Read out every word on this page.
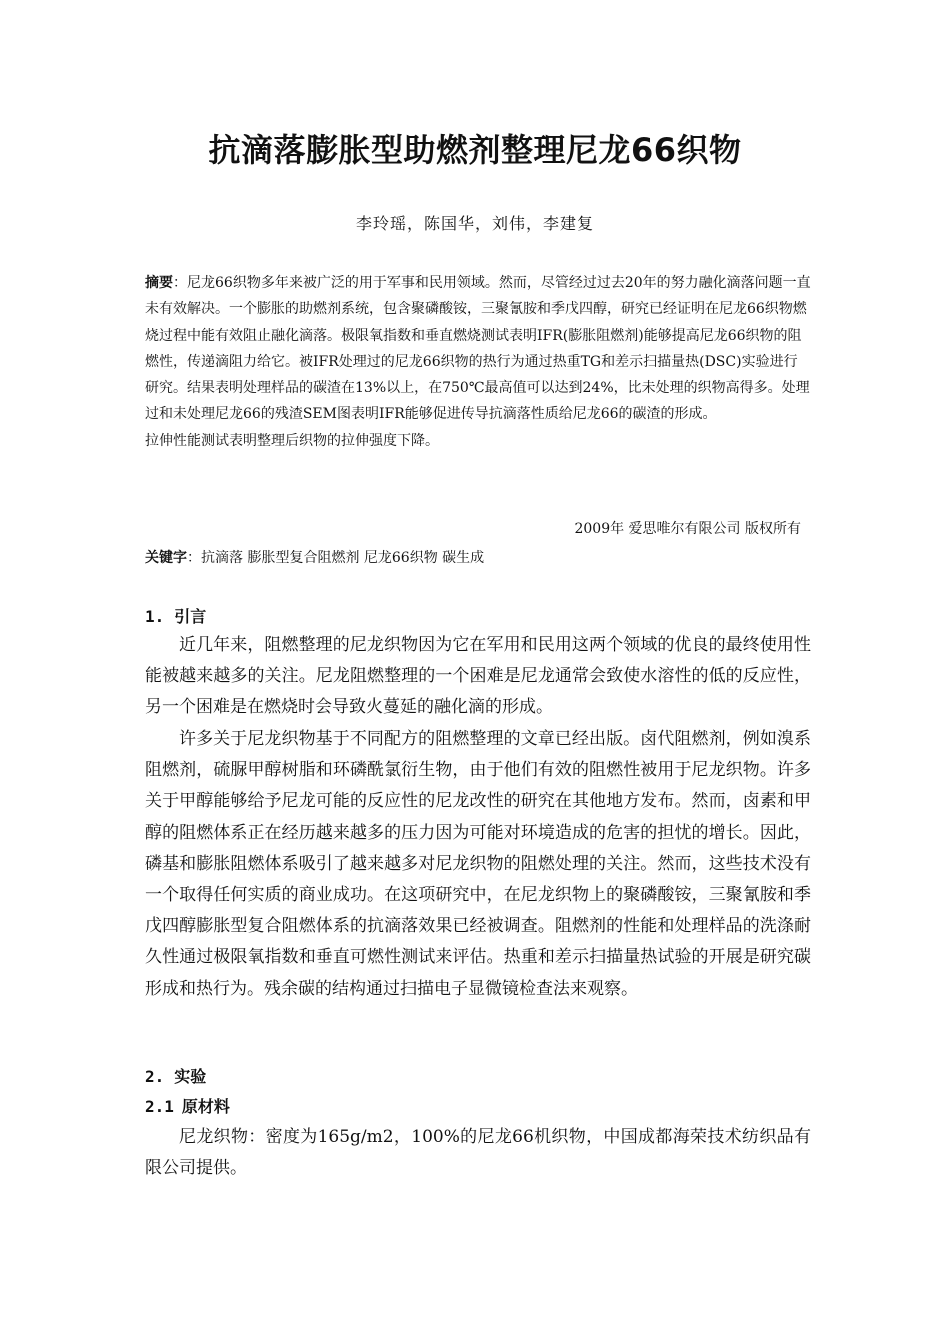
抗滴落膨胀型助燃剂整理尼龙66织物

李玲瑶，陈国华，刘伟，李建复

摘要：尼龙66织物多年来被广泛的用于军事和民用领域。然而，尽管经过过去20年的努力融化滴落问题一直未有效解决。一个膨胀的助燃剂系统，包含聚磷酸铵，三聚氰胺和季戊四醇，研究已经证明在尼龙66织物燃烧过程中能有效阻止融化滴落。极限氧指数和垂直燃烧测试表明IFR(膨胀阻燃剂)能够提高尼龙66织物的阻燃性，传递滴阻力给它。被IFR处理过的尼龙66织物的热行为通过热重TG和差示扫描量热(DSC)实验进行研究。结果表明处理样品的碳渣在13%以上，在750℃最高值可以达到24%，比未处理的织物高得多。处理过和未处理尼龙66的残渣SEM图表明IFR能够促进传导抗滴落性质给尼龙66的碳渣的形成。
拉伸性能测试表明整理后织物的拉伸强度下降。

2009年 爱思唯尔有限公司 版权所有

关键字：抗滴落 膨胀型复合阻燃剂 尼龙66织物 碳生成

1. 引言

近几年来，阻燃整理的尼龙织物因为它在军用和民用这两个领域的优良的最终使用性能被越来越多的关注。尼龙阻燃整理的一个困难是尼龙通常会致使水溶性的低的反应性，另一个困难是在燃烧时会导致火蔓延的融化滴的形成。

许多关于尼龙织物基于不同配方的阻燃整理的文章已经出版。卤代阻燃剂，例如溴系阻燃剂，硫脲甲醇树脂和环磷酰氯衍生物，由于他们有效的阻燃性被用于尼龙织物。许多关于甲醇能够给予尼龙可能的反应性的尼龙改性的研究在其他地方发布。然而，卤素和甲醇的阻燃体系正在经历越来越多的压力因为可能对环境造成的危害的担忧的增长。因此，磷基和膨胀阻燃体系吸引了越来越多对尼龙织物的阻燃处理的关注。然而，这些技术没有一个取得任何实质的商业成功。在这项研究中，在尼龙织物上的聚磷酸铵，三聚氰胺和季戊四醇膨胀型复合阻燃体系的抗滴落效果已经被调查。阻燃剂的性能和处理样品的洗涤耐久性通过极限氧指数和垂直可燃性测试来评估。热重和差示扫描量热试验的开展是研究碳形成和热行为。残余碳的结构通过扫描电子显微镜检查法来观察。

2. 实验
2.1 原材料

尼龙织物：密度为165g/m2，100%的尼龙66机织物，中国成都海荣技术纺织品有限公司提供。
